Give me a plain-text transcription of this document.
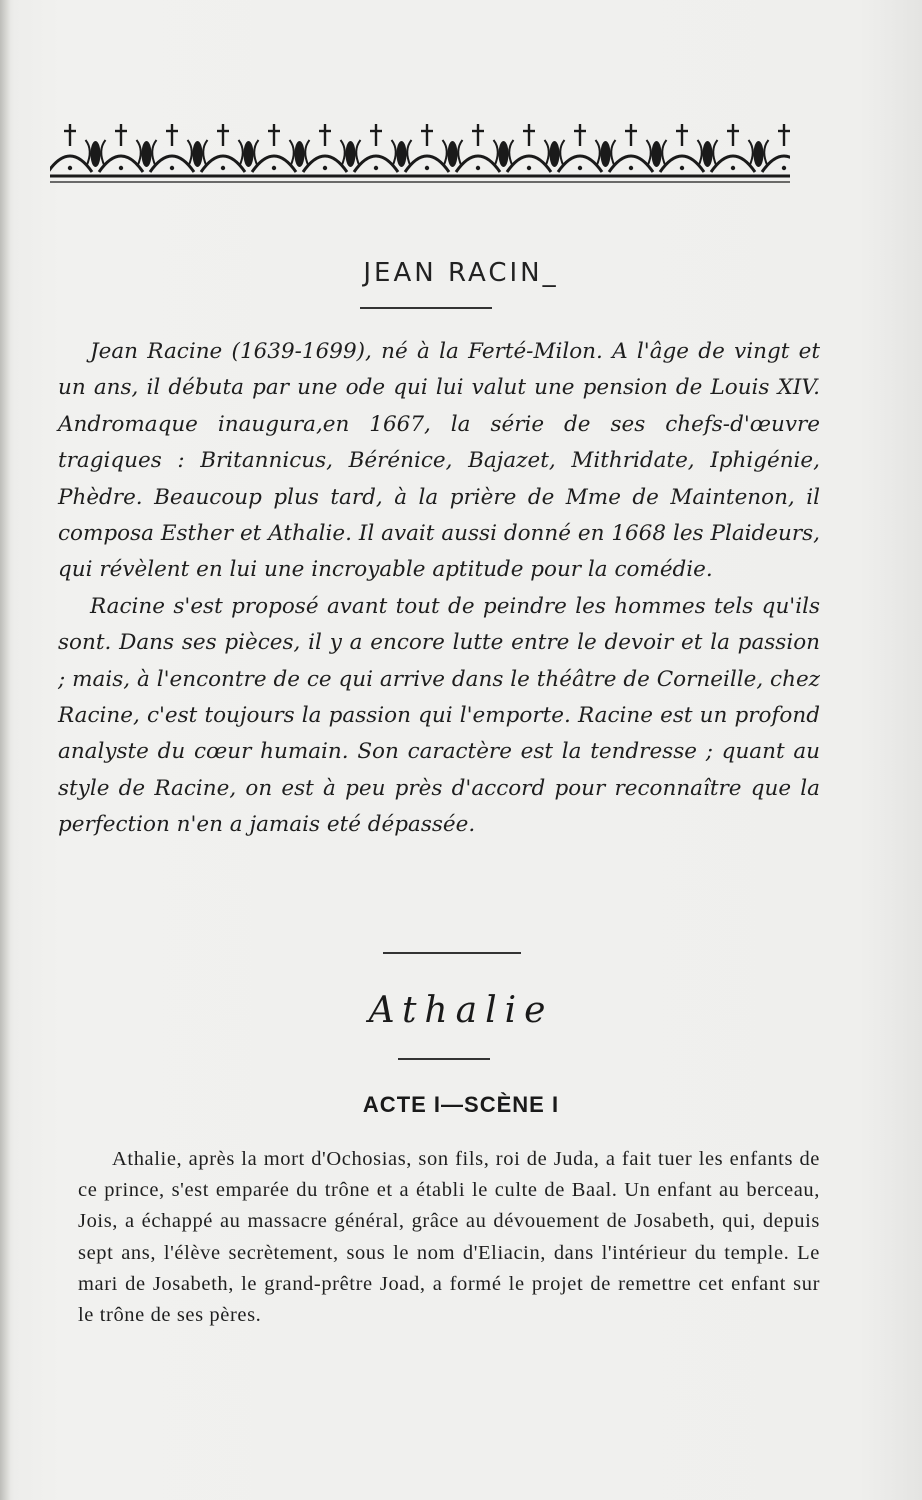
JEAN RACIN_

Jean Racine (1639-1699), né à la Ferté-Milon. A l'âge de vingt et un ans, il débuta par une ode qui lui valut une pension de Louis XIV. Andromaque inaugura,en 1667, la série de ses chefs-d'œuvre tragiques : Britannicus, Bérénice, Bajazet, Mithridate, Iphigénie, Phèdre. Beaucoup plus tard, à la prière de Mme de Maintenon, il composa Esther et Athalie. Il avait aussi donné en 1668 les Plaideurs, qui révèlent en lui une incroyable aptitude pour la comédie.

Racine s'est proposé avant tout de peindre les hommes tels qu'ils sont. Dans ses pièces, il y a encore lutte entre le devoir et la passion ; mais, à l'encontre de ce qui arrive dans le théâtre de Corneille, chez Racine, c'est toujours la passion qui l'emporte. Racine est un profond analyste du cœur humain. Son caractère est la tendresse ; quant au style de Racine, on est à peu près d'accord pour reconnaître que la perfection n'en a jamais eté dépassée.

Athalie
ACTE I—SCÈNE I

Athalie, après la mort d'Ochosias, son fils, roi de Juda, a fait tuer les enfants de ce prince, s'est emparée du trône et a établi le culte de Baal. Un enfant au berceau, Jois, a échappé au massacre général, grâce au dévouement de Josabeth, qui, depuis sept ans, l'élève secrètement, sous le nom d'Eliacin, dans l'intérieur du temple. Le mari de Josabeth, le grand-prêtre Joad, a formé le projet de remettre cet enfant sur le trône de ses pères.
